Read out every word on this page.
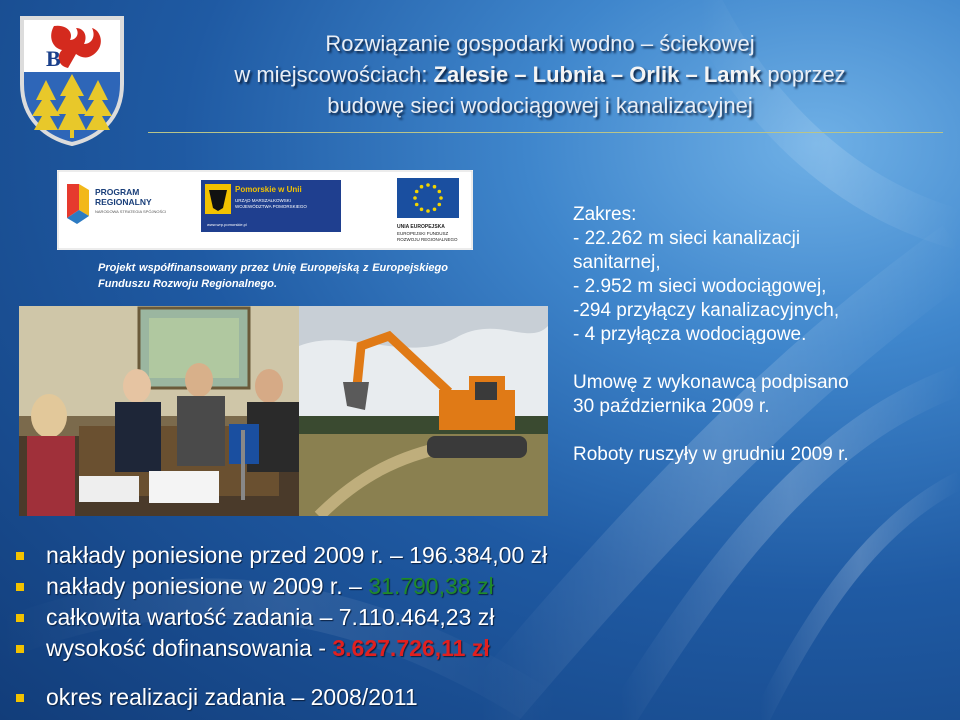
B
Rozwiązanie gospodarki wodno – ściekowej
w miejscowościach: Zalesie – Lubnia – Orlik – Lamk poprzez
budowę sieci wodociągowej i kanalizacyjnej
PROGRAM
REGIONALNY
NARODOWA STRATEGIA SPÓJNOŚCI
Pomorskie w Unii
URZĄD MARSZAŁKOWSKI
WOJEWÓDZTWA POMORSKIEGO
www.wrp.pomorskie.pl	UNIA EUROPEJSKA
EUROPEJSKI FUNDUSZ
ROZWOJU REGIONALNEGO
Projekt współfinansowany przez Unię Europejską z Europejskiego Funduszu Rozwoju Regionalnego.
Zakres:
- 22.262 m sieci kanalizacji
sanitarnej,
- 2.952 m sieci wodociągowej,
-294 przyłączy kanalizacyjnych,
- 4 przyłącza wodociągowe.
Umowę z wykonawcą podpisano
30 października 2009 r.
Roboty ruszyły w grudniu 2009 r.
nakłady poniesione przed 2009 r. – 196.384,00 zł
nakłady poniesione w 2009 r. – 31.790,38 zł
całkowita wartość zadania – 7.110.464,23 zł
wysokość dofinansowania - 3.627.726,11 zł
okres realizacji zadania – 2008/2011
